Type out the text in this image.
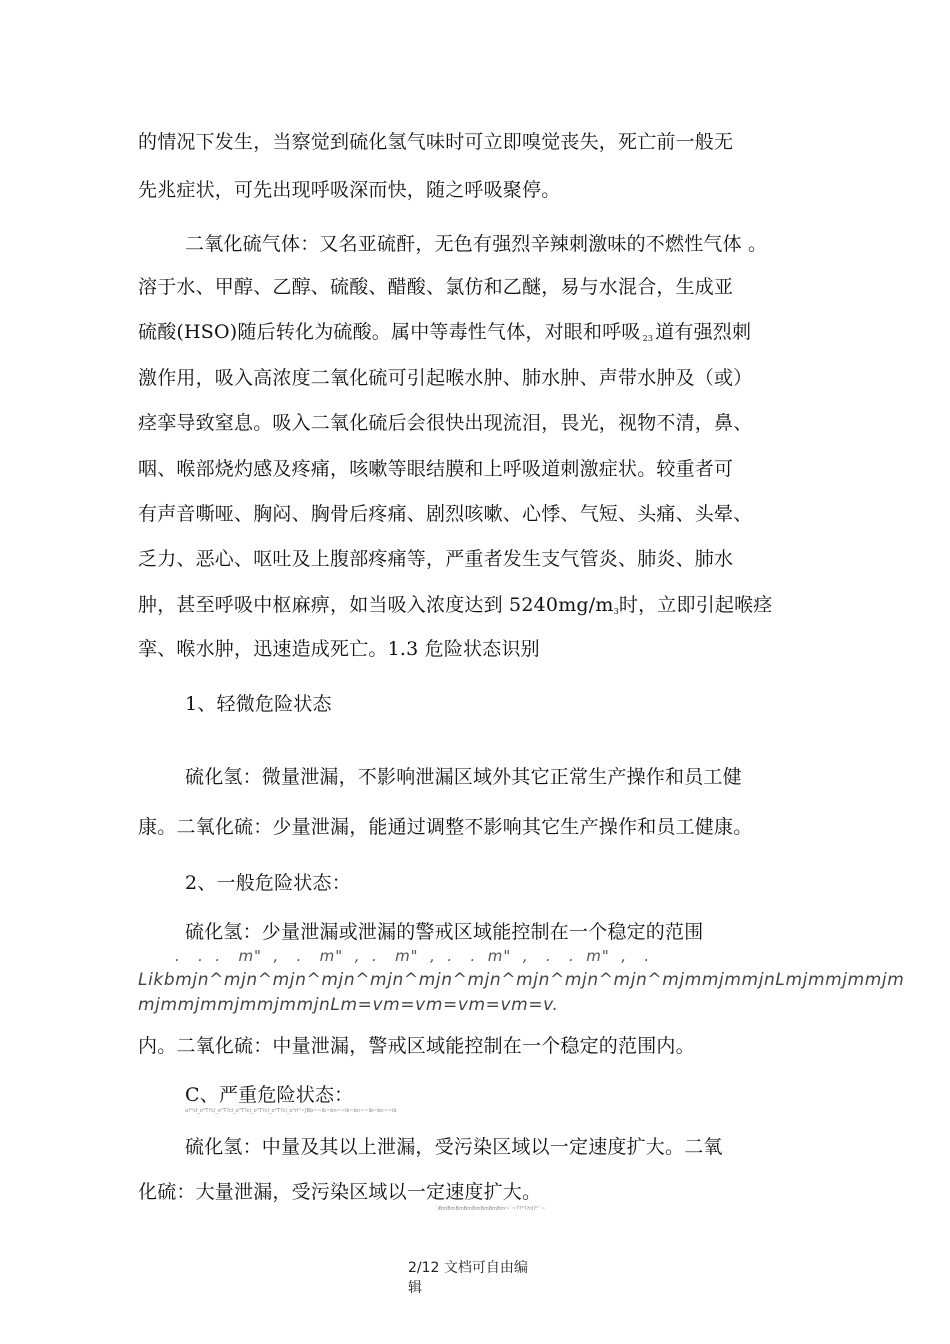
的情况下发生，当察觉到硫化氢气味时可立即嗅觉丧失，死亡前一般无
先兆症状，可先出现呼吸深而快，随之呼吸聚停。
二氧化硫气体：又名亚硫酐，无色有强烈辛辣刺激味的不燃性气体 。
溶于水、甲醇、乙醇、硫酸、醋酸、氯仿和乙醚，易与水混合，生成亚
硫酸(HSO)随后转化为硫酸。属中等毒性气体，对眼和呼吸 23 道有强烈刺
激作用，吸入高浓度二氧化硫可引起喉水肿、肺水肿、声带水肿及（或）
痉挛导致窒息。吸入二氧化硫后会很快出现流泪，畏光，视物不清，鼻、
咽、喉部烧灼感及疼痛，咳嗽等眼结膜和上呼吸道刺激症状。较重者可
有声音嘶哑、胸闷、胸骨后疼痛、剧烈咳嗽、心悸、气短、头痛、头晕、
乏力、恶心、呕吐及上腹部疼痛等，严重者发生支气管炎、肺炎、肺水
肿，甚至呼吸中枢麻痹，如当吸入浓度达到 5240mg/m3时，立即引起喉痉
挛、喉水肿，迅速造成死亡。1.3 危险状态识别
1、轻微危险状态
硫化氢：微量泄漏，不影响泄漏区域外其它正常生产操作和员工健
康。二氧化硫：少量泄漏，能通过调整不影响其它生产操作和员工健康。
2、一般危险状态：
硫化氢：少量泄漏或泄漏的警戒区域能控制在一个稳定的范围
.   .  .   m"  ,   .   m"  ,  .   m"  ,  .   .  m"  ,   .   .  m"  ,   .
Likbmjn^mjn^mjn^mjn^mjn^mjn^mjn^mjn^mjn^mjn^mjmmjmmjnLmjmmjmmjm
mjmmjmmjmmjmmjnLm=vm=vm=vm=vm=v.
内。二氧化硫：中量泄漏，警戒区域能控制在一个稳定的范围内。
C、严重危险状态：
a?°cl_o°T?cl_o°T?cl_o°T?cl_o°T?cl_o°T?cl_o°rl°~JBb~~ib~bn~~ib~bn~~ib~bn~~ib
硫化氢：中量及其以上泄漏，受污染区域以一定速度扩大。二氧
化硫：大量泄漏，受污染区域以一定速度扩大。
`iBmBmBmBmBmBmBmBm~`~??°??cl?°`~
2/12 文档可自由编
辑
